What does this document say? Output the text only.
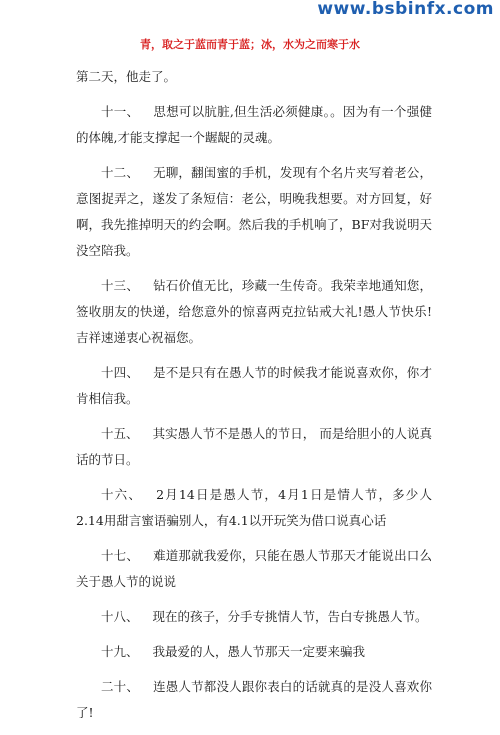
www.bsbinfx.com
青，取之于蓝而青于蓝；冰，水为之而寒于水

第二天，他走了。

十一、 思想可以肮脏,但生活必须健康。。因为有一个强健的体魄,才能支撑起一个龌龊的灵魂。

十二、 无聊，翻闺蜜的手机，发现有个名片夹写着老公，意图捉弄之，遂发了条短信：老公，明晚我想要。对方回复，好啊，我先推掉明天的约会啊。然后我的手机响了，BF对我说明天没空陪我。

十三、 钻石价值无比，珍藏一生传奇。我荣幸地通知您，签收朋友的快递，给您意外的惊喜两克拉钻戒大礼!愚人节快乐!吉祥速递衷心祝福您。

十四、 是不是只有在愚人节的时候我才能说喜欢你，你才肯相信我。

十五、 其实愚人节不是愚人的节日， 而是给胆小的人说真话的节日。

十六、 2月14日是愚人节，4月1日是情人节，多少人2.14用甜言蜜语骗别人，有4.1以开玩笑为借口说真心话

十七、 难道那就我爱你，只能在愚人节那天才能说出口么关于愚人节的说说

十八、 现在的孩子，分手专挑情人节，告白专挑愚人节。

十九、 我最爱的人，愚人节那天一定要来骗我

二十、 连愚人节都没人跟你表白的话就真的是没人喜欢你了!
